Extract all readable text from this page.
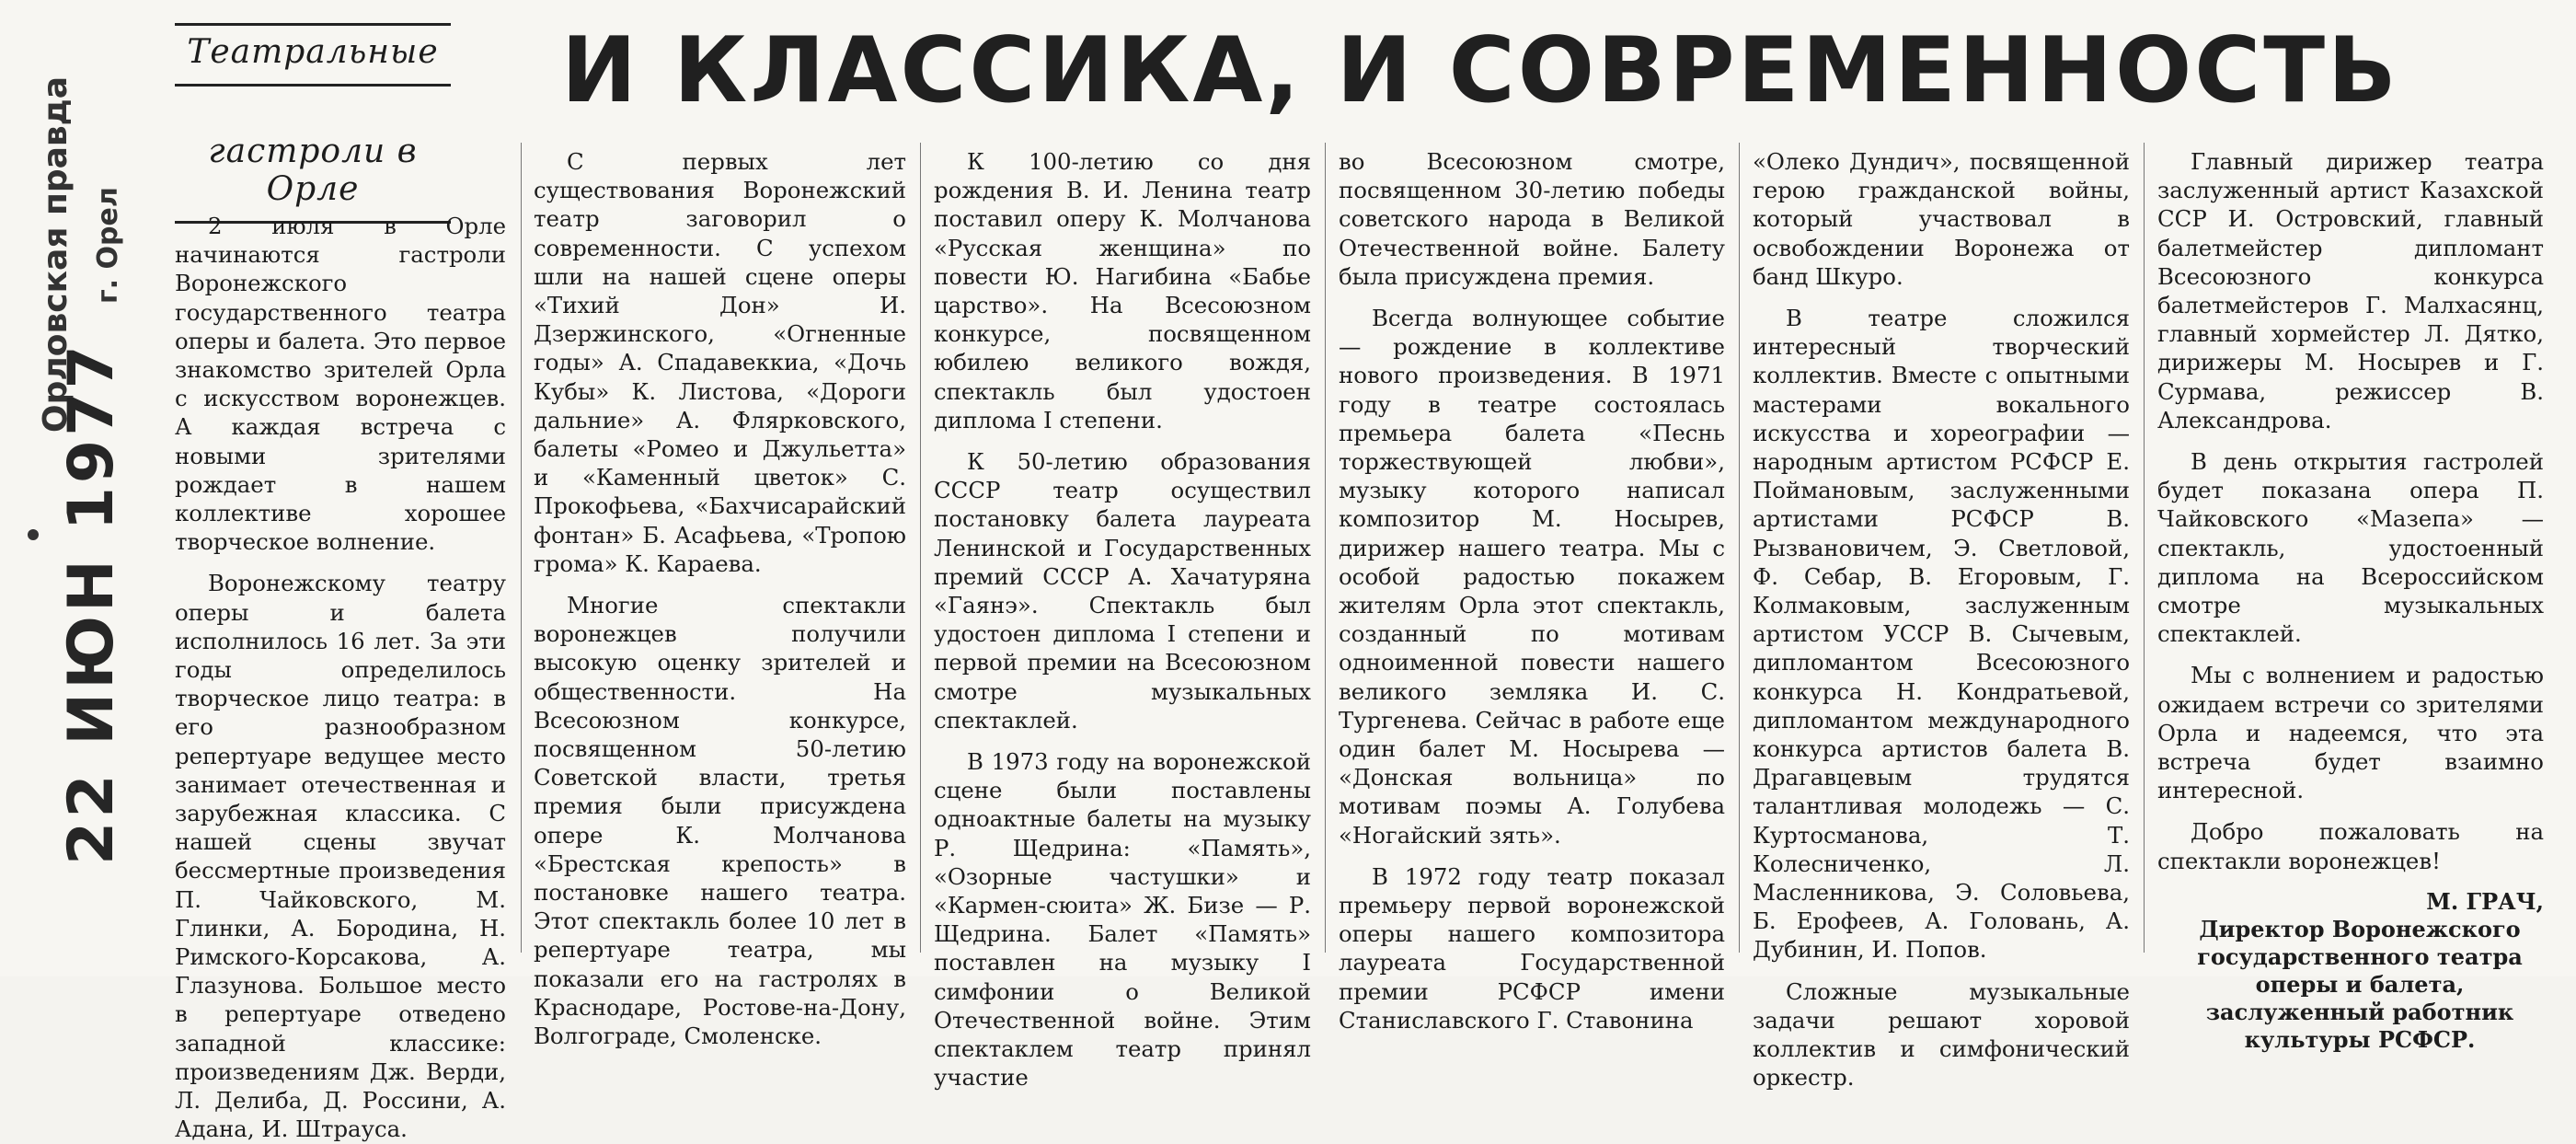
Орловская правда г. Орел
22 ИЮН 1977
Театральные
гастроли в Орле
И КЛАССИКА, И СОВРЕМЕННОСТЬ

2 июля в Орле начинаются гастроли Воронежского государственного театра оперы и балета. Это первое знакомство зрителей Орла с искусством воронежцев. А каждая встреча с новыми зрителями рождает в нашем коллективе хорошее творческое волнение.

Воронежскому театру оперы и балета исполнилось 16 лет. За эти годы определилось творческое лицо театра: в его разнообразном репертуаре ведущее место занимает отечественная и зарубежная классика. С нашей сцены звучат бессмертные произведения П. Чайковского, М. Глинки, А. Бородина, Н. Римского-Корсакова, А. Глазунова. Большое место в репертуаре отведено западной классике: произведениям Дж. Верди, Л. Делиба, Д. Россини, А. Адана, И. Штрауса.

С первых лет существования Воронежский театр заговорил о современности. С успехом шли на нашей сцене оперы «Тихий Дон» И. Дзержинского, «Огненные годы» А. Спадавеккиа, «Дочь Кубы» К. Листова, «Дороги дальние» А. Флярковского, балеты «Ромео и Джульетта» и «Каменный цветок» С. Прокофьева, «Бахчисарайский фонтан» Б. Асафьева, «Тропою грома» К. Караева.

Многие спектакли воронежцев получили высокую оценку зрителей и общественности. На Всесоюзном конкурсе, посвященном 50-летию Советской власти, третья премия были присуждена опере К. Молчанова «Брестская крепость» в постановке нашего театра. Этот спектакль более 10 лет в репертуаре театра, мы показали его на гастролях в Краснодаре, Ростове-на-Дону, Волгограде, Смоленске.

К 100-летию со дня рождения В. И. Ленина театр поставил оперу К. Молчанова «Русская женщина» по повести Ю. Нагибина «Бабье царство». На Всесоюзном конкурсе, посвященном юбилею великого вождя, спектакль был удостоен диплома I степени.

К 50-летию образования СССР театр осуществил постановку балета лауреата Ленинской и Государственных премий СССР А. Хачатуряна «Гаянэ». Спектакль был удостоен диплома I степени и первой премии на Всесоюзном смотре музыкальных спектаклей.

В 1973 году на воронежской сцене были поставлены одноактные балеты на музыку Р. Щедрина: «Память», «Озорные частушки» и «Кармен-сюита» Ж. Бизе — Р. Щедрина. Балет «Память» поставлен на музыку I симфонии о Великой Отечественной войне. Этим спектаклем театр принял участие

во Всесоюзном смотре, посвященном 30-летию победы советского народа в Великой Отечественной войне. Балету была присуждена премия.

Всегда волнующее событие — рождение в коллективе нового произведения. В 1971 году в театре состоялась премьера балета «Песнь торжествующей любви», музыку которого написал композитор М. Носырев, дирижер нашего театра. Мы с особой радостью покажем жителям Орла этот спектакль, созданный по мотивам одноименной повести нашего великого земляка И. С. Тургенева. Сейчас в работе еще один балет М. Носырева — «Донская вольница» по мотивам поэмы А. Голубева «Ногайский зять».

В 1972 году театр показал премьеру первой воронежской оперы нашего композитора лауреата Государственной премии РСФСР имени Станиславского Г. Ставонина

«Олеко Дундич», посвященной герою гражданской войны, который участвовал в освобождении Воронежа от банд Шкуро.

В театре сложился интересный творческий коллектив. Вместе с опытными мастерами вокального искусства и хореографии — народным артистом РСФСР Е. Поймановым, заслуженными артистами РСФСР В. Рызвановичем, Э. Светловой, Ф. Себар, В. Егоровым, Г. Колмаковым, заслуженным артистом УССР В. Сычевым, дипломантом Всесоюзного конкурса Н. Кондратьевой, дипломантом международного конкурса артистов балета В. Драгавцевым трудятся талантливая молодежь — С. Куртосманова, Т. Колесниченко, Л. Масленникова, Э. Соловьева, Б. Ерофеев, А. Головань, А. Дубинин, И. Попов.

Сложные музыкальные задачи решают хоровой коллектив и симфонический оркестр.

Главный дирижер театра заслуженный артист Казахской ССР И. Островский, главный балетмейстер дипломант Всесоюзного конкурса балетмейстеров Г. Малхасянц, главный хормейстер Л. Дятко, дирижеры М. Носырев и Г. Сурмава, режиссер В. Александрова.

В день открытия гастролей будет показана опера П. Чайковского «Мазепа» — спектакль, удостоенный диплома на Всероссийском смотре музыкальных спектаклей.

Мы с волнением и радостью ожидаем встречи со зрителями Орла и надеемся, что эта встреча будет взаимно интересной.

Добро пожаловать на спектакли воронежцев!

М. ГРАЧ,
Директор Воронежского государственного театра оперы и балета, заслуженный работник культуры РСФСР.
